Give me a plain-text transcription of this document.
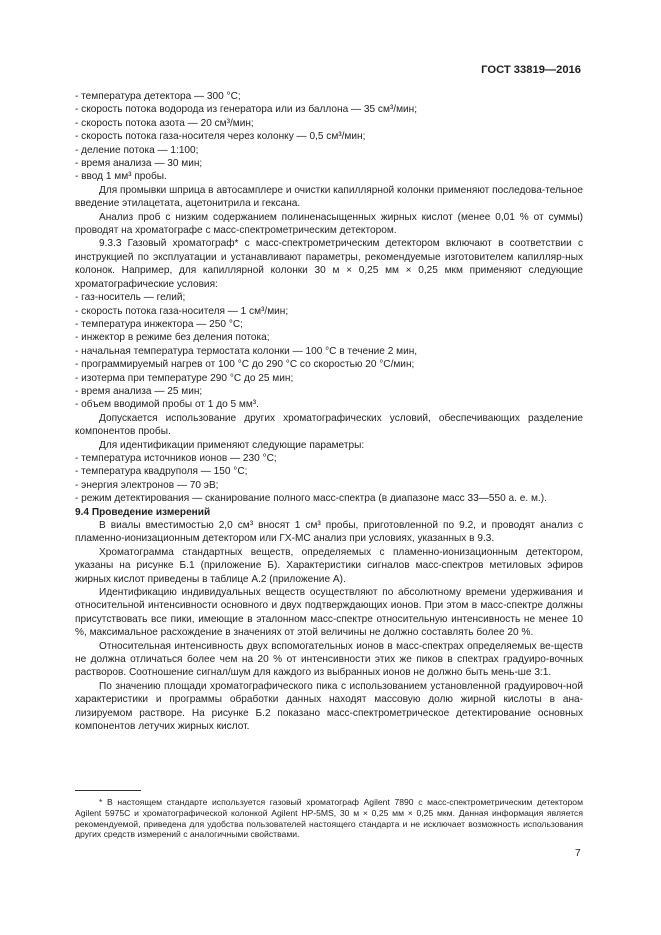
ГОСТ 33819—2016

- температура детектора — 300 °С;

- скорость потока водорода из генератора или из баллона — 35 см³/мин;

- скорость потока азота — 20 см³/мин;

- скорость потока газа-носителя через колонку — 0,5 см³/мин;

- деление потока — 1:100;

- время анализа — 30 мин;

- ввод 1 мм³ пробы.

Для промывки шприца в автосамплере и очистки капиллярной колонки применяют последова-тельное введение этилацетата, ацетонитрила и гексана.

Анализ проб с низким содержанием полиненасыщенных жирных кислот (менее 0,01 % от суммы) проводят на хроматографе с масс-спектрометрическим детектором.

9.3.3 Газовый хроматограф* с масс-спектрометрическим детектором включают в соответствии с инструкцией по эксплуатации и устанавливают параметры, рекомендуемые изготовителем капилляр-ных колонок. Например, для капиллярной колонки 30 м × 0,25 мм × 0,25 мкм применяют следующие хроматографические условия:

- газ-носитель — гелий;

- скорость потока газа-носителя — 1 см³/мин;

- температура инжектора — 250 °С;

- инжектор в режиме без деления потока;

- начальная температура термостата колонки — 100 °С в течение 2 мин,

- программируемый нагрев от 100 °С до 290 °С со скоростью 20 °С/мин;

- изотерма при температуре 290 °С до 25 мин;

- время анализа — 25 мин;

- объем вводимой пробы от 1 до 5 мм³.

Допускается использование других хроматографических условий, обеспечивающих разделение компонентов пробы.

Для идентификации применяют следующие параметры:

- температура источников ионов — 230 °С;

- температура квадруполя — 150 °С;

- энергия электронов — 70 эВ;

- режим детектирования — сканирование полного масс-спектра (в диапазоне масс 33—550 а. е. м.).

9.4 Проведение измерений

В виалы вместимостью 2,0 см³ вносят 1 см³ пробы, приготовленной по 9.2, и проводят анализ с пламенно-ионизационным детектором или ГХ-МС анализ при условиях, указанных в 9.3.

Хроматограмма стандартных веществ, определяемых с пламенно-ионизационным детектором, указаны на рисунке Б.1 (приложение Б). Характеристики сигналов масс-спектров метиловых эфиров жирных кислот приведены в таблице А.2 (приложение А).

Идентификацию индивидуальных веществ осуществляют по абсолютному времени удерживания и относительной интенсивности основного и двух подтверждающих ионов. При этом в масс-спектре должны присутствовать все пики, имеющие в эталонном масс-спектре относительную интенсивность не менее 10 %, максимальное расхождение в значениях от этой величины не должно составлять более 20 %.

Относительная интенсивность двух вспомогательных ионов в масс-спектрах определяемых ве-ществ не должна отличаться более чем на 20 % от интенсивности этих же пиков в спектрах градуиро-вочных растворов. Соотношение сигнал/шум для каждого из выбранных ионов не должно быть мень-ше 3:1.

По значению площади хроматографического пика с использованием установленной градуировоч-ной характеристики и программы обработки данных находят массовую долю жирной кислоты в ана-лизируемом растворе. На рисунке Б.2 показано масс-спектрометрическое детектирование основных компонентов летучих жирных кислот.

* В настоящем стандарте используется газовый хроматограф Agilent 7890 с масс-спектрометрическим детектором Agilent 5975C и хроматографической колонкой Agilent HP-5MS, 30 м × 0,25 мм × 0,25 мкм. Данная информация является рекомендуемой, приведена для удобства пользователей настоящего стандарта и не исключает возможность использования других средств измерений с аналогичными свойствами.

7
